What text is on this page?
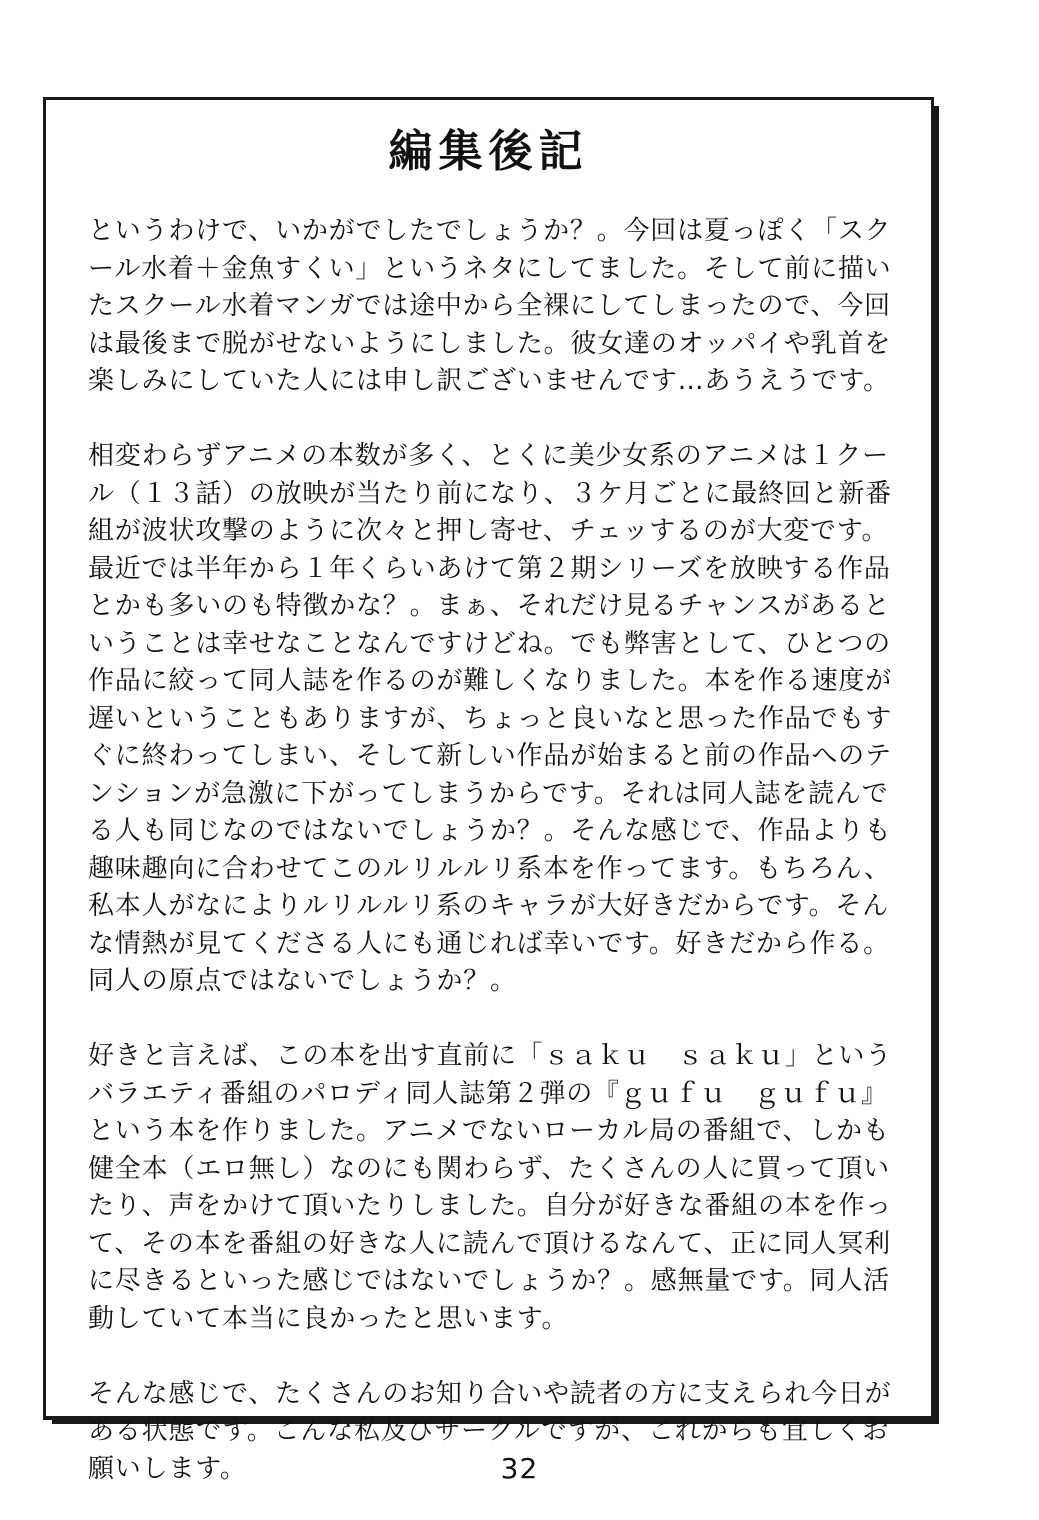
編集後記

というわけで、いかがでしたでしょうか？。今回は夏っぽく「スクール水着＋金魚すくい」というネタにしてました。そして前に描いたスクール水着マンガでは途中から全裸にしてしまったので、今回は最後まで脱がせないようにしました。彼女達のオッパイや乳首を楽しみにしていた人には申し訳ございませんです…あうえうです。

相変わらずアニメの本数が多く、とくに美少女系のアニメは１クール（１３話）の放映が当たり前になり、３ケ月ごとに最終回と新番組が波状攻撃のように次々と押し寄せ、チェッするのが大変です。最近では半年から１年くらいあけて第２期シリーズを放映する作品とかも多いのも特徴かな？。まぁ、それだけ見るチャンスがあるということは幸せなことなんですけどね。でも弊害として、ひとつの作品に絞って同人誌を作るのが難しくなりました。本を作る速度が遅いということもありますが、ちょっと良いなと思った作品でもすぐに終わってしまい、そして新しい作品が始まると前の作品へのテンションが急激に下がってしまうからです。それは同人誌を読んでる人も同じなのではないでしょうか？。そんな感じで、作品よりも趣味趣向に合わせてこのルリルルリ系本を作ってます。もちろん、私本人がなによりルリルルリ系のキャラが大好きだからです。そんな情熱が見てくださる人にも通じれば幸いです。好きだから作る。同人の原点ではないでしょうか？。

好きと言えば、この本を出す直前に「ｓａｋｕ　ｓａｋｕ」というバラエティ番組のパロディ同人誌第２弾の『ｇｕｆｕ　ｇｕｆｕ』という本を作りました。アニメでないローカル局の番組で、しかも健全本（エロ無し）なのにも関わらず、たくさんの人に買って頂いたり、声をかけて頂いたりしました。自分が好きな番組の本を作って、その本を番組の好きな人に読んで頂けるなんて、正に同人冥利に尽きるといった感じではないでしょうか？。感無量です。同人活動していて本当に良かったと思います。

そんな感じで、たくさんのお知り合いや読者の方に支えられ今日がある状態です。こんな私及びサークルですが、これからも宜しくお願いします。	32
